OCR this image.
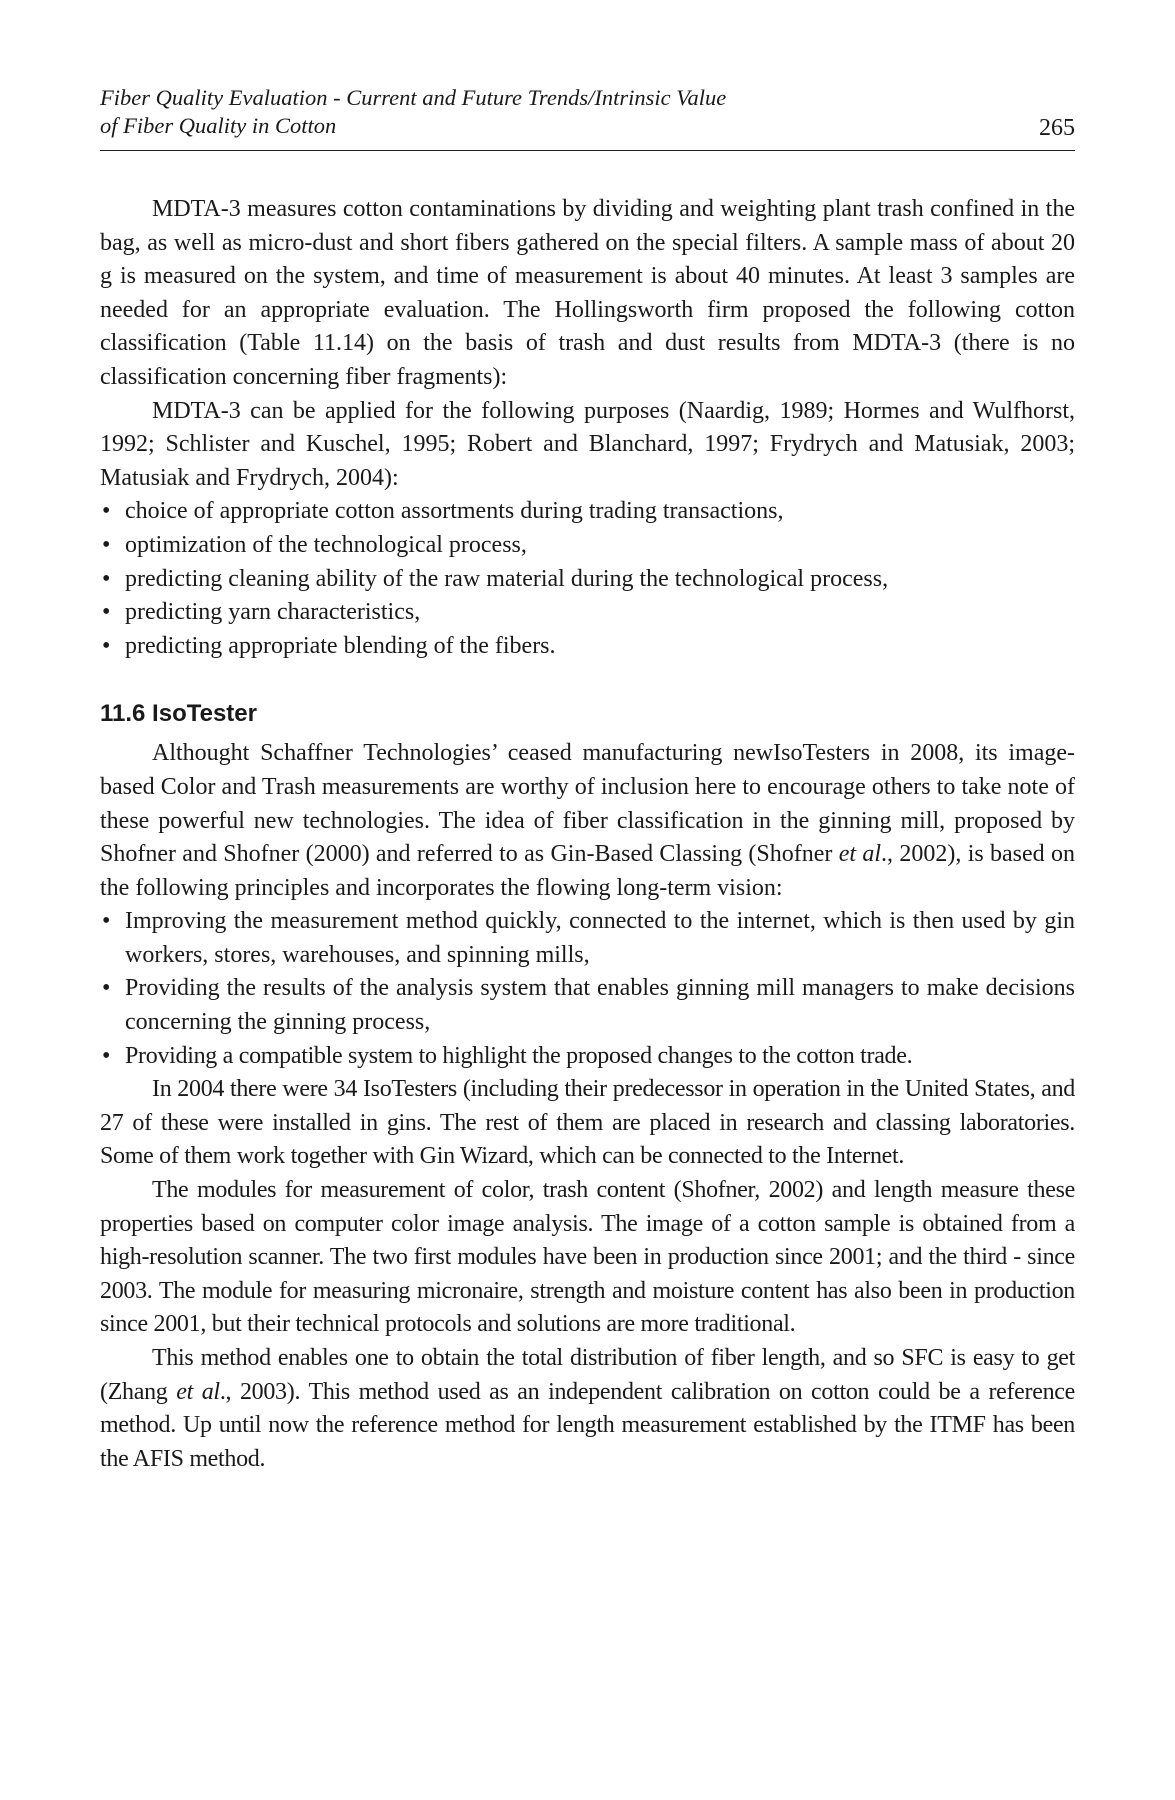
Fiber Quality Evaluation - Current and Future Trends/Intrinsic Value
of Fiber Quality in Cotton	265

MDTA-3 measures cotton contaminations by dividing and weighting plant trash confined in the bag, as well as micro-dust and short fibers gathered on the special filters. A sample mass of about 20 g is measured on the system, and time of measurement is about 40 minutes. At least 3 samples are needed for an appropriate evaluation. The Hollingsworth firm proposed the following cotton classification (Table 11.14) on the basis of trash and dust results from MDTA-3 (there is no classification concerning fiber fragments):

MDTA-3 can be applied for the following purposes (Naardig, 1989; Hormes and Wulfhorst, 1992; Schlister and Kuschel, 1995; Robert and Blanchard, 1997; Frydrych and Matusiak, 2003; Matusiak and Frydrych, 2004):

• choice of appropriate cotton assortments during trading transactions,
• optimization of the technological process,
• predicting cleaning ability of the raw material during the technological process,
• predicting yarn characteristics,
• predicting appropriate blending of the fibers.
11.6 IsoTester

Althought Schaffner Technologies’ ceased manufacturing newIsoTesters in 2008, its image-based Color and Trash measurements are worthy of inclusion here to encourage others to take note of these powerful new technologies. The idea of fiber classification in the ginning mill, proposed by Shofner and Shofner (2000) and referred to as Gin-Based Classing (Shofner et al., 2002), is based on the following principles and incorporates the flowing long-term vision:

• Improving the measurement method quickly, connected to the internet, which is then used by gin workers, stores, warehouses, and spinning mills,
• Providing the results of the analysis system that enables ginning mill managers to make decisions concerning the ginning process,
• Providing a compatible system to highlight the proposed changes to the cotton trade.

In 2004 there were 34 IsoTesters (including their predecessor in operation in the United States, and 27 of these were installed in gins. The rest of them are placed in research and classing laboratories. Some of them work together with Gin Wizard, which can be connected to the Internet.

The modules for measurement of color, trash content (Shofner, 2002) and length measure these properties based on computer color image analysis. The image of a cotton sample is obtained from a high-resolution scanner. The two first modules have been in production since 2001; and the third - since 2003. The module for measuring micronaire, strength and moisture content has also been in production since 2001, but their technical protocols and solutions are more traditional.

This method enables one to obtain the total distribution of fiber length, and so SFC is easy to get (Zhang et al., 2003). This method used as an independent calibration on cotton could be a reference method. Up until now the reference method for length measurement established by the ITMF has been the AFIS method.
